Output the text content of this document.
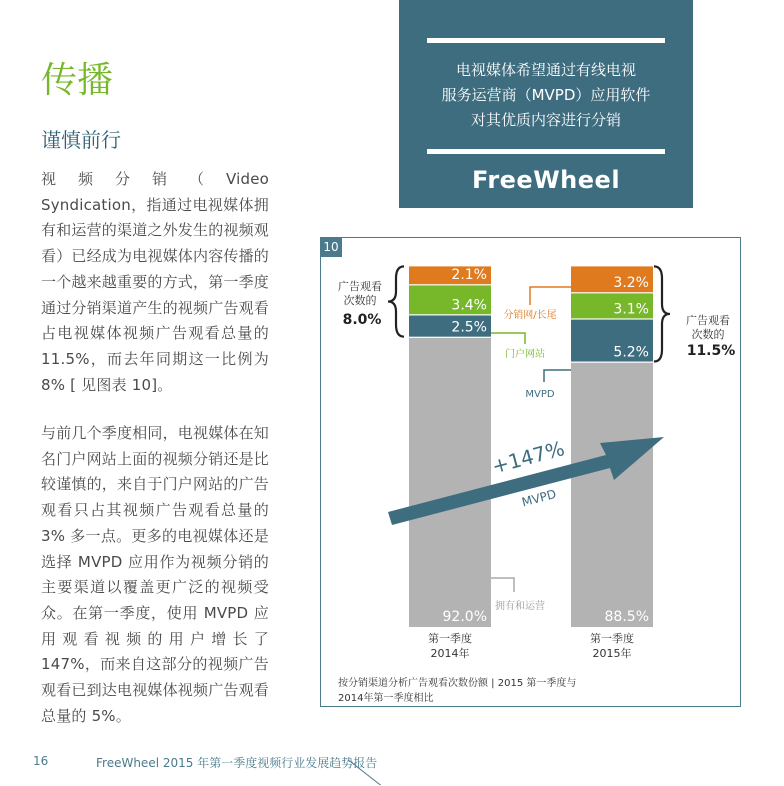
传播
谨慎前行
视频分销（Video Syndication，指通过电视媒体拥有和运营的渠道之外发生的视频观看）已经成为电视媒体内容传播的一个越来越重要的方式，第一季度通过分销渠道产生的视频广告观看占电视媒体视频广告观看总量的11.5%，而去年同期这一比例为8% [ 见图表 10]。
与前几个季度相同，电视媒体在知名门户网站上面的视频分销还是比较谨慎的，来自于门户网站的广告观看只占其视频广告观看总量的 3% 多一点。更多的电视媒体还是选择 MVPD 应用作为视频分销的主要渠道以覆盖更广泛的视频受众。在第一季度，使用 MVPD 应用观看视频的用户增长了 147%，而来自这部分的视频广告观看已到达电视媒体视频广告观看总量的 5%。
电视媒体希望通过有线电视
服务运营商（MVPD）应用软件
对其优质内容进行分销
FreeWheel
10
92.0%
2.5%
3.4%
2.1%
第一季度
2014年
88.5%
5.2%
3.1%
3.2%
第一季度
2015年
广告观看
次数的
8.0%	广告观看
次数的
11.5%
分销网/长尾
门户网站
MVPD
拥有和运营
+147%
MVPD
按分销渠道分析广告观看次数份额 | 2015 第一季度与
2014年第一季度相比
16	FreeWheel 2015 年第一季度视频行业发展趋势报告
